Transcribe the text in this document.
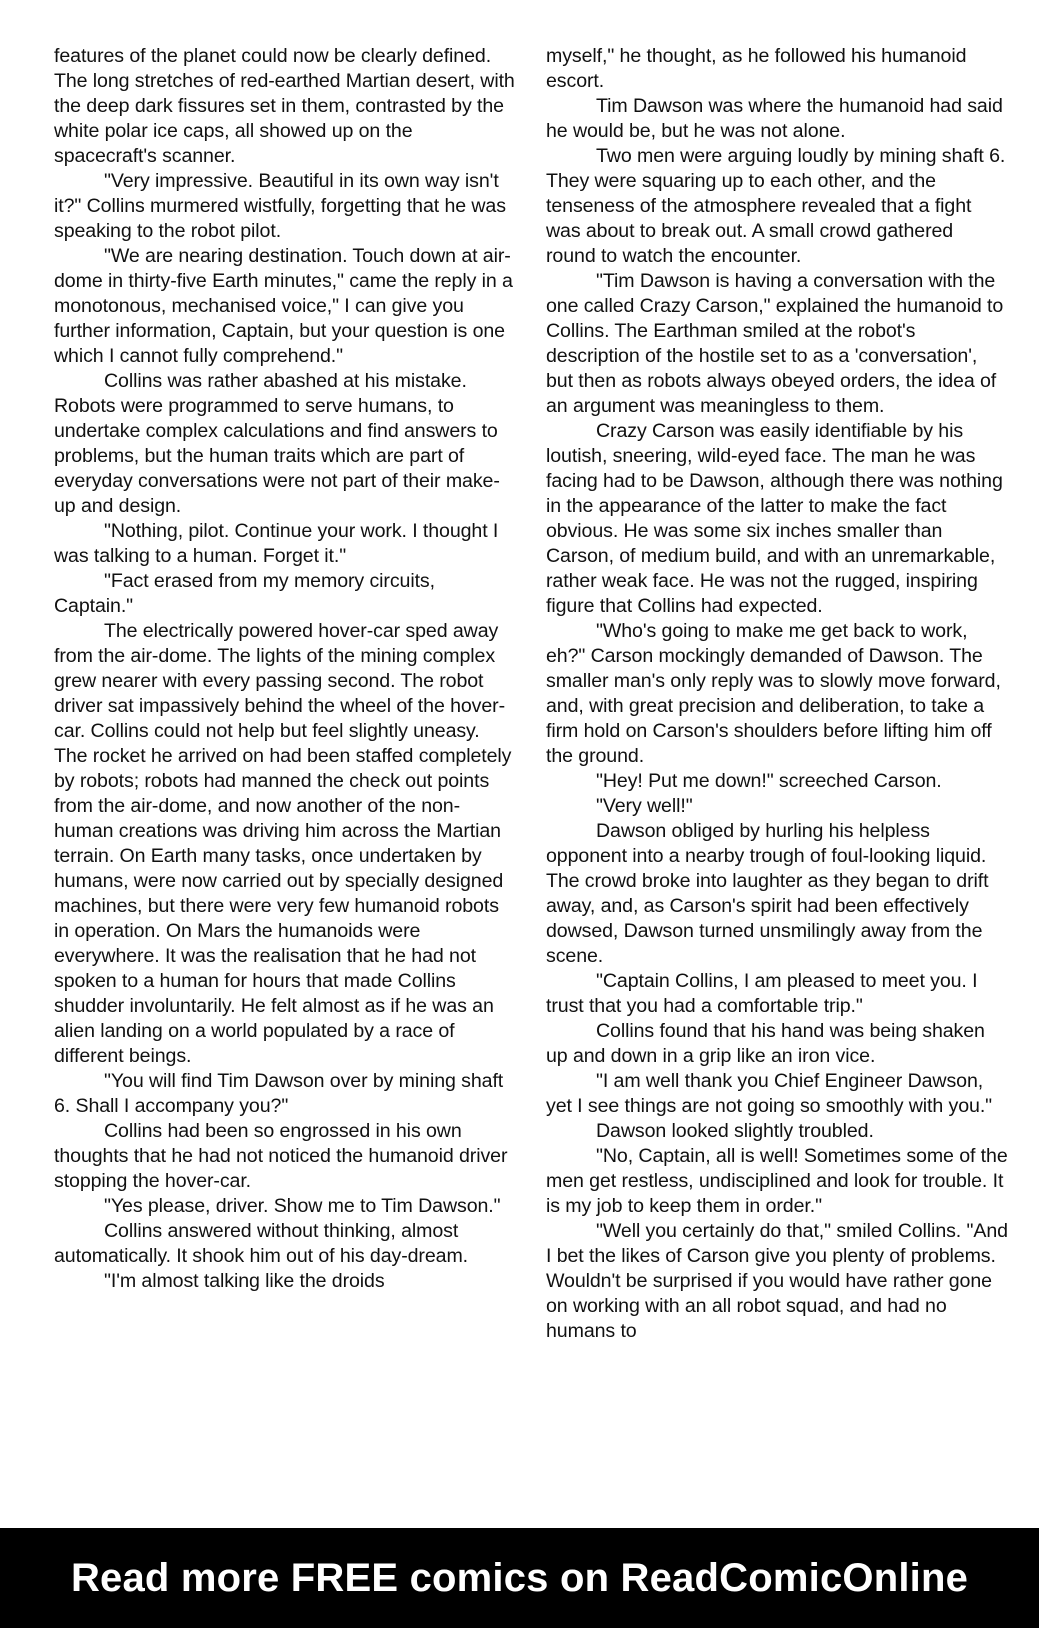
features of the planet could now be clearly defined. The long stretches of red-earthed Martian desert, with the deep dark fissures set in them, contrasted by the white polar ice caps, all showed up on the spacecraft's scanner.

"Very impressive. Beautiful in its own way isn't it?" Collins murmered wistfully, forgetting that he was speaking to the robot pilot.

"We are nearing destination. Touch down at air-dome in thirty-five Earth minutes," came the reply in a monotonous, mechanised voice," I can give you further information, Captain, but your question is one which I cannot fully comprehend."

Collins was rather abashed at his mistake. Robots were programmed to serve humans, to undertake complex calculations and find answers to problems, but the human traits which are part of everyday conversations were not part of their make-up and design.

"Nothing, pilot. Continue your work. I thought I was talking to a human. Forget it."

"Fact erased from my memory circuits, Captain."

The electrically powered hover-car sped away from the air-dome. The lights of the mining complex grew nearer with every passing second. The robot driver sat impassively behind the wheel of the hover-car. Collins could not help but feel slightly uneasy. The rocket he arrived on had been staffed completely by robots; robots had manned the check out points from the air-dome, and now another of the non-human creations was driving him across the Martian terrain. On Earth many tasks, once undertaken by humans, were now carried out by specially designed machines, but there were very few humanoid robots in operation. On Mars the humanoids were everywhere. It was the realisation that he had not spoken to a human for hours that made Collins shudder involuntarily. He felt almost as if he was an alien landing on a world populated by a race of different beings.

"You will find Tim Dawson over by mining shaft 6. Shall I accompany you?"

Collins had been so engrossed in his own thoughts that he had not noticed the humanoid driver stopping the hover-car.

"Yes please, driver. Show me to Tim Dawson."

Collins answered without thinking, almost automatically. It shook him out of his day-dream.

"I'm almost talking like the droids

myself," he thought, as he followed his humanoid escort.

Tim Dawson was where the humanoid had said he would be, but he was not alone.

Two men were arguing loudly by mining shaft 6. They were squaring up to each other, and the tenseness of the atmosphere revealed that a fight was about to break out. A small crowd gathered round to watch the encounter.

"Tim Dawson is having a conversation with the one called Crazy Carson," explained the humanoid to Collins. The Earthman smiled at the robot's description of the hostile set to as a 'conversation', but then as robots always obeyed orders, the idea of an argument was meaningless to them.

Crazy Carson was easily identifiable by his loutish, sneering, wild-eyed face. The man he was facing had to be Dawson, although there was nothing in the appearance of the latter to make the fact obvious. He was some six inches smaller than Carson, of medium build, and with an unremarkable, rather weak face. He was not the rugged, inspiring figure that Collins had expected.

"Who's going to make me get back to work, eh?" Carson mockingly demanded of Dawson. The smaller man's only reply was to slowly move forward, and, with great precision and deliberation, to take a firm hold on Carson's shoulders before lifting him off the ground.

"Hey! Put me down!" screeched Carson.

"Very well!"

Dawson obliged by hurling his helpless opponent into a nearby trough of foul-looking liquid. The crowd broke into laughter as they began to drift away, and, as Carson's spirit had been effectively dowsed, Dawson turned unsmilingly away from the scene.

"Captain Collins, I am pleased to meet you. I trust that you had a comfortable trip."

Collins found that his hand was being shaken up and down in a grip like an iron vice.

"I am well thank you Chief Engineer Dawson, yet I see things are not going so smoothly with you."

Dawson looked slightly troubled.

"No, Captain, all is well! Sometimes some of the men get restless, undisciplined and look for trouble. It is my job to keep them in order."

"Well you certainly do that," smiled Collins. "And I bet the likes of Carson give you plenty of problems. Wouldn't be surprised if you would have rather gone on working with an all robot squad, and had no humans to

Read more FREE comics on ReadComicOnline
